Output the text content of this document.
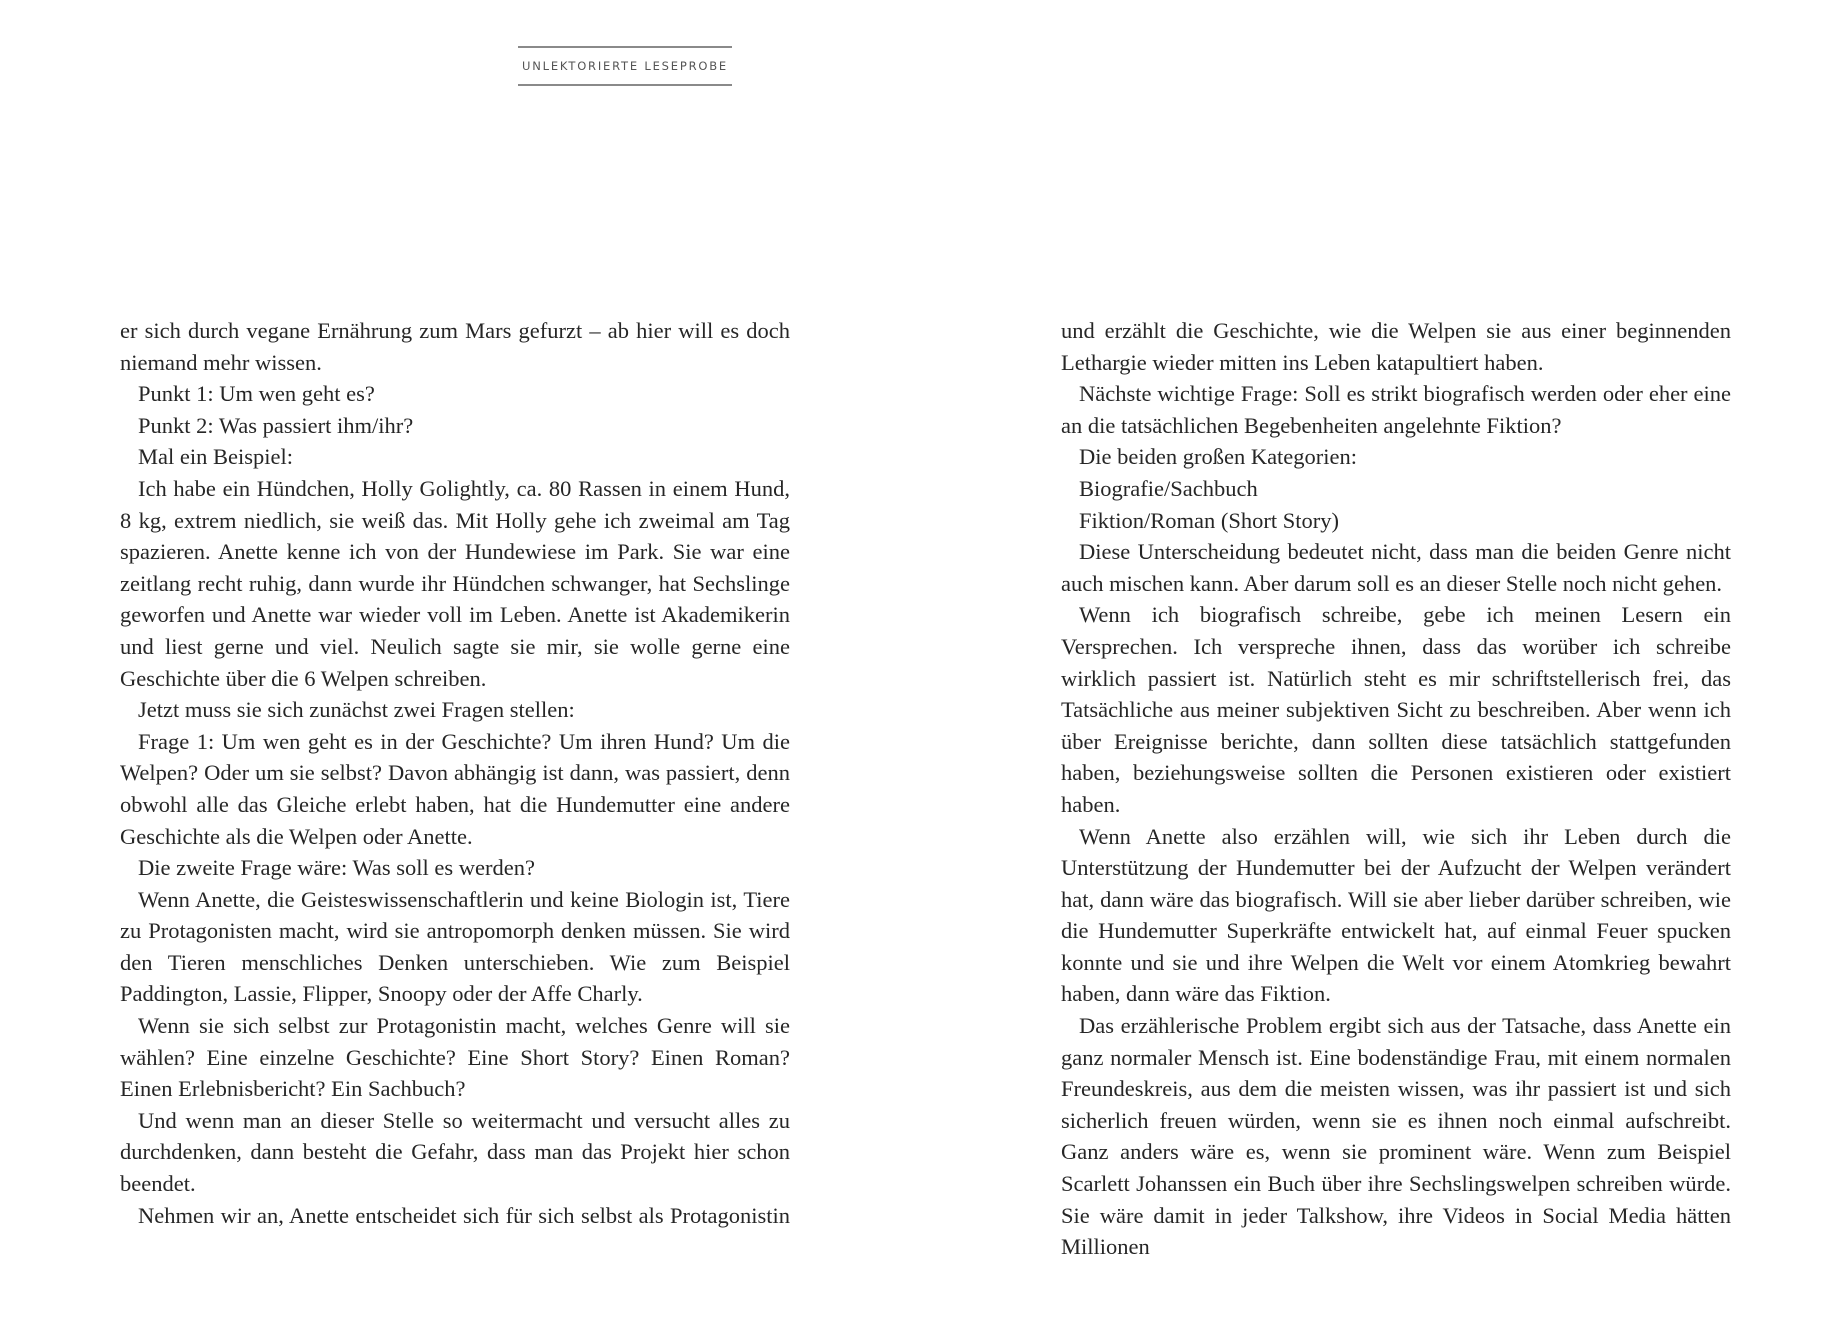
UNLEKTORIERTE LESEPROBE

er sich durch vegane Ernährung zum Mars gefurzt – ab hier will es doch niemand mehr wissen.

Punkt 1: Um wen geht es?

Punkt 2: Was passiert ihm/ihr?

Mal ein Beispiel:

Ich habe ein Hündchen, Holly Golightly, ca. 80 Rassen in einem Hund, 8 kg, extrem niedlich, sie weiß das. Mit Holly gehe ich zweimal am Tag spazieren. Anette kenne ich von der Hundewiese im Park. Sie war eine zeitlang recht ruhig, dann wurde ihr Hündchen schwanger, hat Sechslinge geworfen und Anette war wieder voll im Leben. Anette ist Akademikerin und liest gerne und viel. Neulich sagte sie mir, sie wolle gerne eine Geschichte über die 6 Welpen schreiben.

Jetzt muss sie sich zunächst zwei Fragen stellen:

Frage 1: Um wen geht es in der Geschichte? Um ihren Hund? Um die Welpen? Oder um sie selbst? Davon abhängig ist dann, was passiert, denn obwohl alle das Gleiche erlebt haben, hat die Hundemutter eine andere Geschichte als die Welpen oder Anette.

Die zweite Frage wäre: Was soll es werden?

Wenn Anette, die Geisteswissenschaftlerin und keine Biologin ist, Tiere zu Protagonisten macht, wird sie antropomorph denken müssen. Sie wird den Tieren menschliches Denken unterschieben. Wie zum Beispiel Paddington, Lassie, Flipper, Snoopy oder der Affe Charly.

Wenn sie sich selbst zur Protagonistin macht, welches Genre will sie wählen? Eine einzelne Geschichte? Eine Short Story? Einen Roman? Einen Erlebnisbericht? Ein Sachbuch?

Und wenn man an dieser Stelle so weitermacht und versucht alles zu durchdenken, dann besteht die Gefahr, dass man das Projekt hier schon beendet.

Nehmen wir an, Anette entscheidet sich für sich selbst als Protagonistin

und erzählt die Geschichte, wie die Welpen sie aus einer beginnenden Lethargie wieder mitten ins Leben katapultiert haben.

Nächste wichtige Frage: Soll es strikt biografisch werden oder eher eine an die tatsächlichen Begebenheiten angelehnte Fiktion?

Die beiden großen Kategorien:

Biografie/Sachbuch

Fiktion/Roman (Short Story)

Diese Unterscheidung bedeutet nicht, dass man die beiden Genre nicht auch mischen kann. Aber darum soll es an dieser Stelle noch nicht gehen.

Wenn ich biografisch schreibe, gebe ich meinen Lesern ein Versprechen. Ich verspreche ihnen, dass das worüber ich schreibe wirklich passiert ist. Natürlich steht es mir schriftstellerisch frei, das Tatsächliche aus meiner subjektiven Sicht zu beschreiben. Aber wenn ich über Ereignisse berichte, dann sollten diese tatsächlich stattgefunden haben, beziehungsweise sollten die Personen existieren oder existiert haben.

Wenn Anette also erzählen will, wie sich ihr Leben durch die Unterstützung der Hundemutter bei der Aufzucht der Welpen verändert hat, dann wäre das biografisch. Will sie aber lieber darüber schreiben, wie die Hundemutter Superkräfte entwickelt hat, auf einmal Feuer spucken konnte und sie und ihre Welpen die Welt vor einem Atomkrieg bewahrt haben, dann wäre das Fiktion.

Das erzählerische Problem ergibt sich aus der Tatsache, dass Anette ein ganz normaler Mensch ist. Eine bodenständige Frau, mit einem normalen Freundeskreis, aus dem die meisten wissen, was ihr passiert ist und sich sicherlich freuen würden, wenn sie es ihnen noch einmal aufschreibt. Ganz anders wäre es, wenn sie prominent wäre. Wenn zum Beispiel Scarlett Johanssen ein Buch über ihre Sechslingswelpen schreiben würde. Sie wäre damit in jeder Talkshow, ihre Videos in Social Media hätten Millionen
